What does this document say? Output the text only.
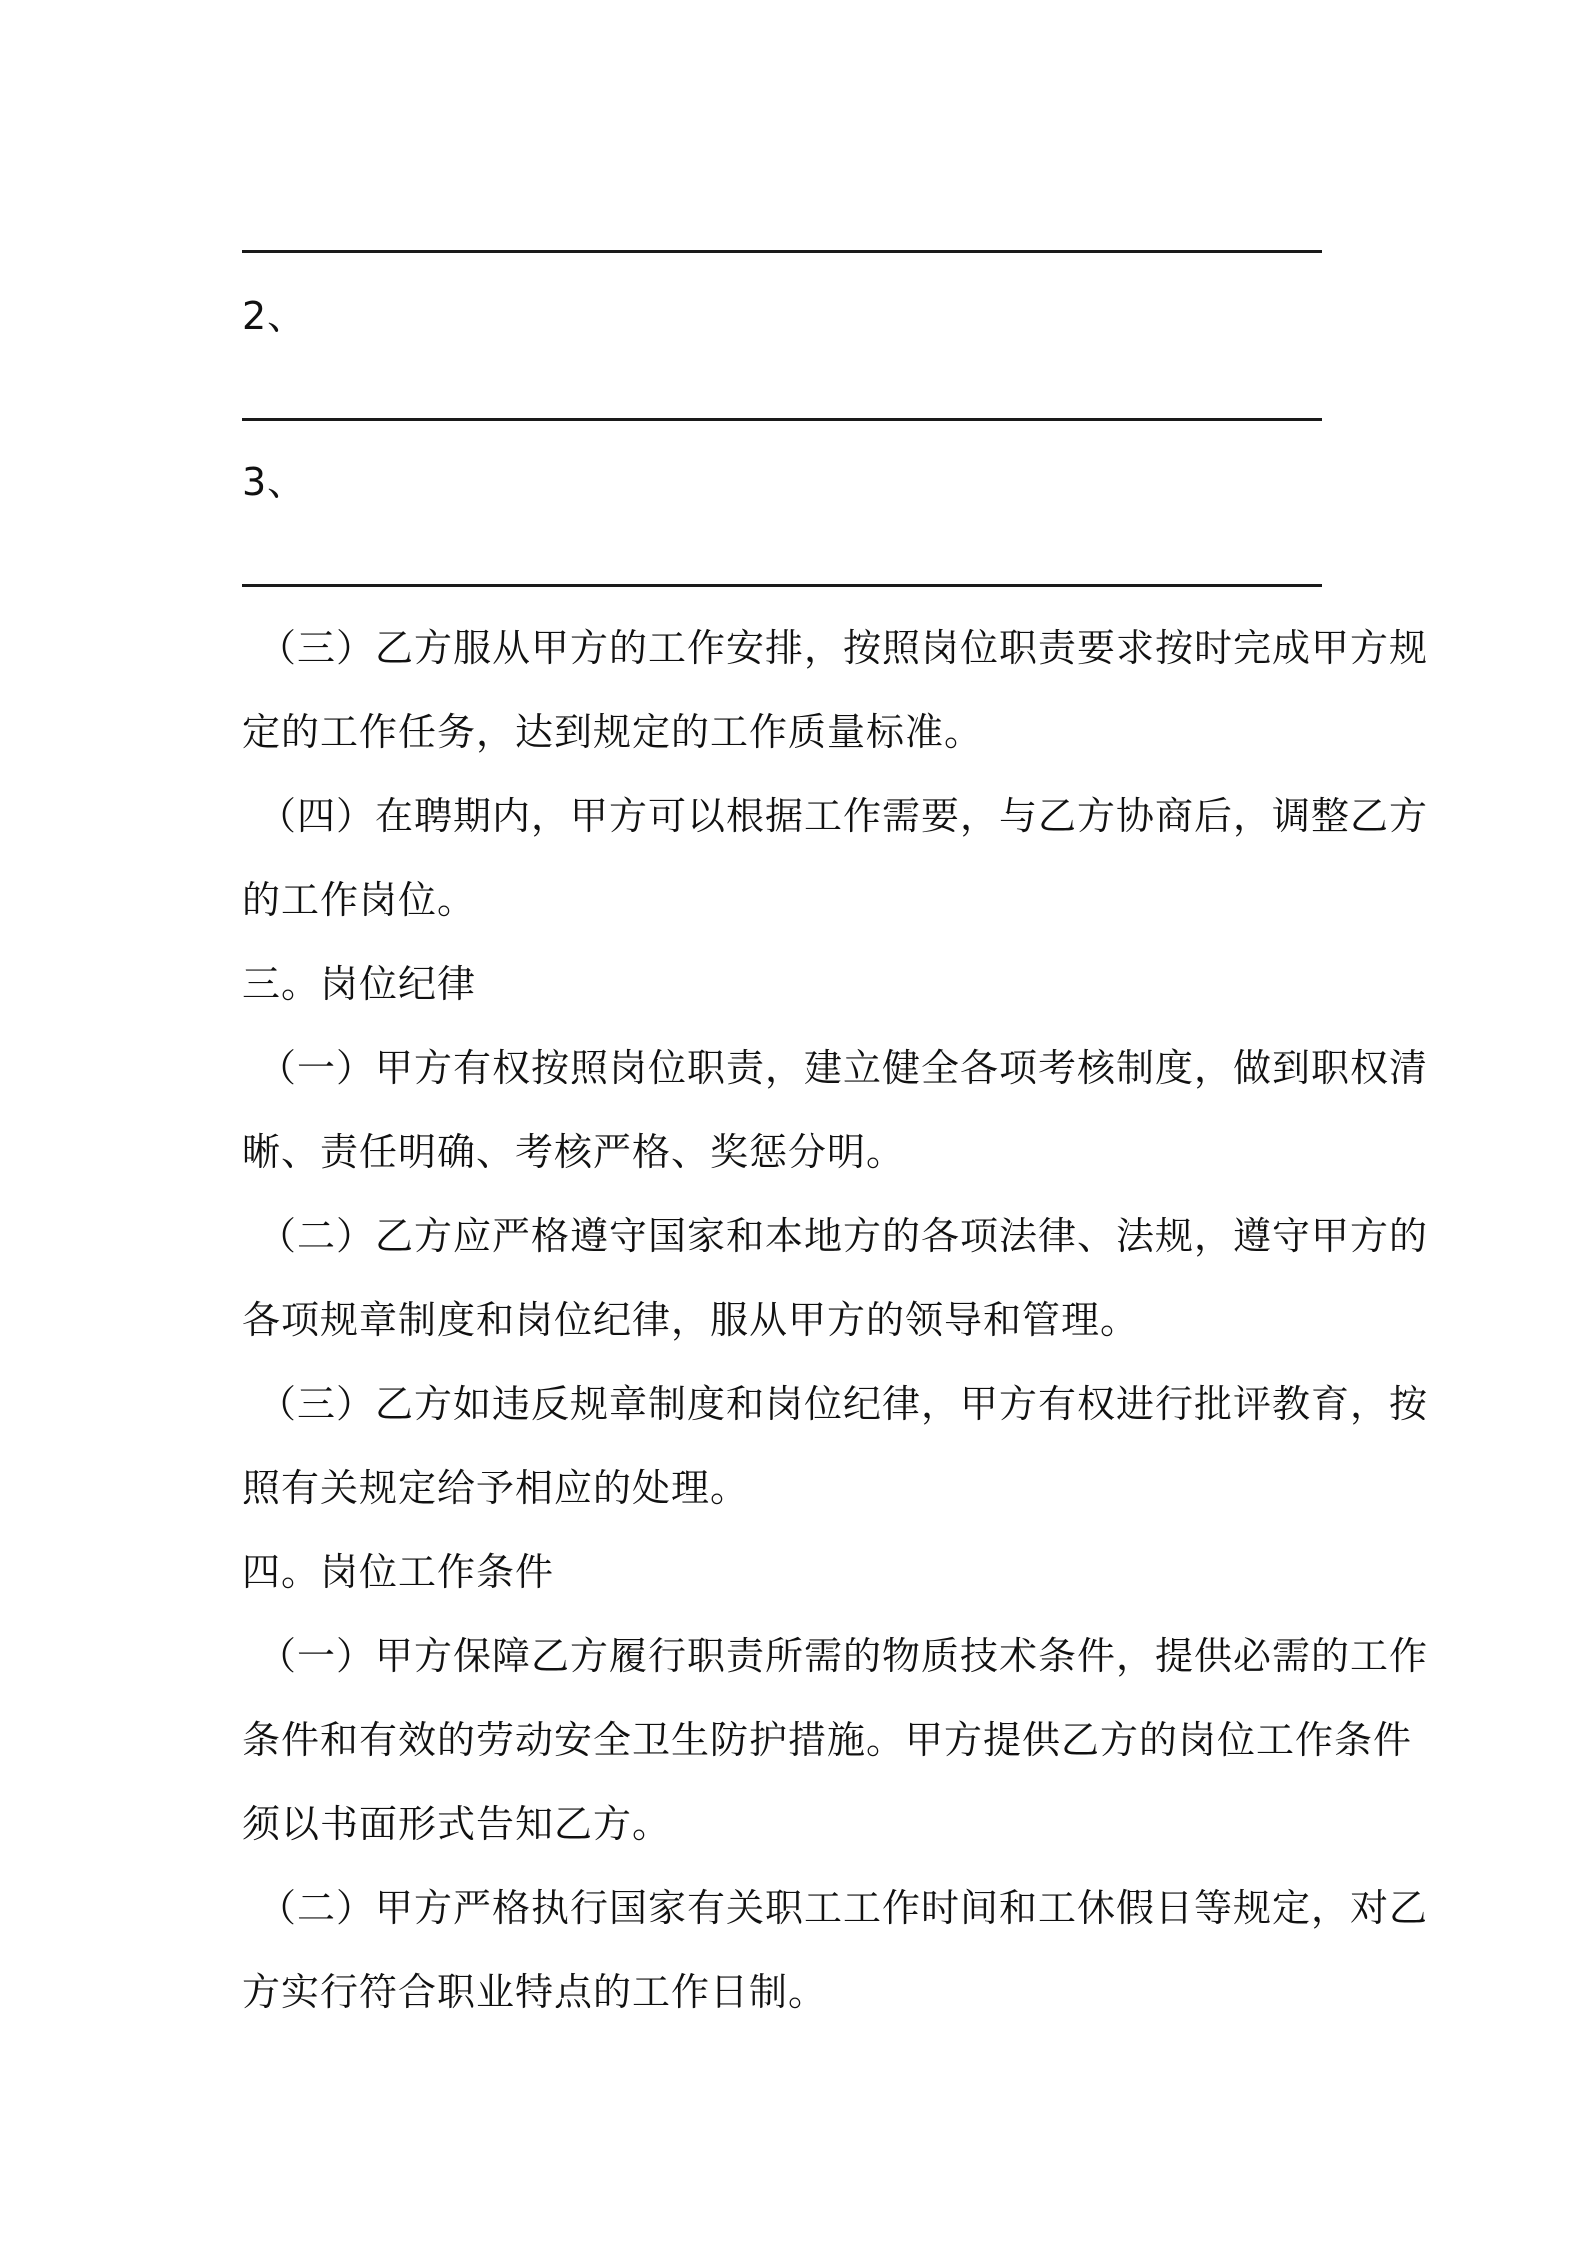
2、
3、
（三）乙方服从甲方的工作安排，按照岗位职责要求按时完成甲方规
定的工作任务，达到规定的工作质量标准。
（四）在聘期内，甲方可以根据工作需要，与乙方协商后，调整乙方
的工作岗位。
三。岗位纪律
（一）甲方有权按照岗位职责，建立健全各项考核制度，做到职权清
晰、责任明确、考核严格、奖惩分明。
（二）乙方应严格遵守国家和本地方的各项法律、法规，遵守甲方的
各项规章制度和岗位纪律，服从甲方的领导和管理。
（三）乙方如违反规章制度和岗位纪律，甲方有权进行批评教育，按
照有关规定给予相应的处理。
四。岗位工作条件
（一）甲方保障乙方履行职责所需的物质技术条件，提供必需的工作
条件和有效的劳动安全卫生防护措施。甲方提供乙方的岗位工作条件
须以书面形式告知乙方。
（二）甲方严格执行国家有关职工工作时间和工休假日等规定，对乙
方实行符合职业特点的工作日制。
